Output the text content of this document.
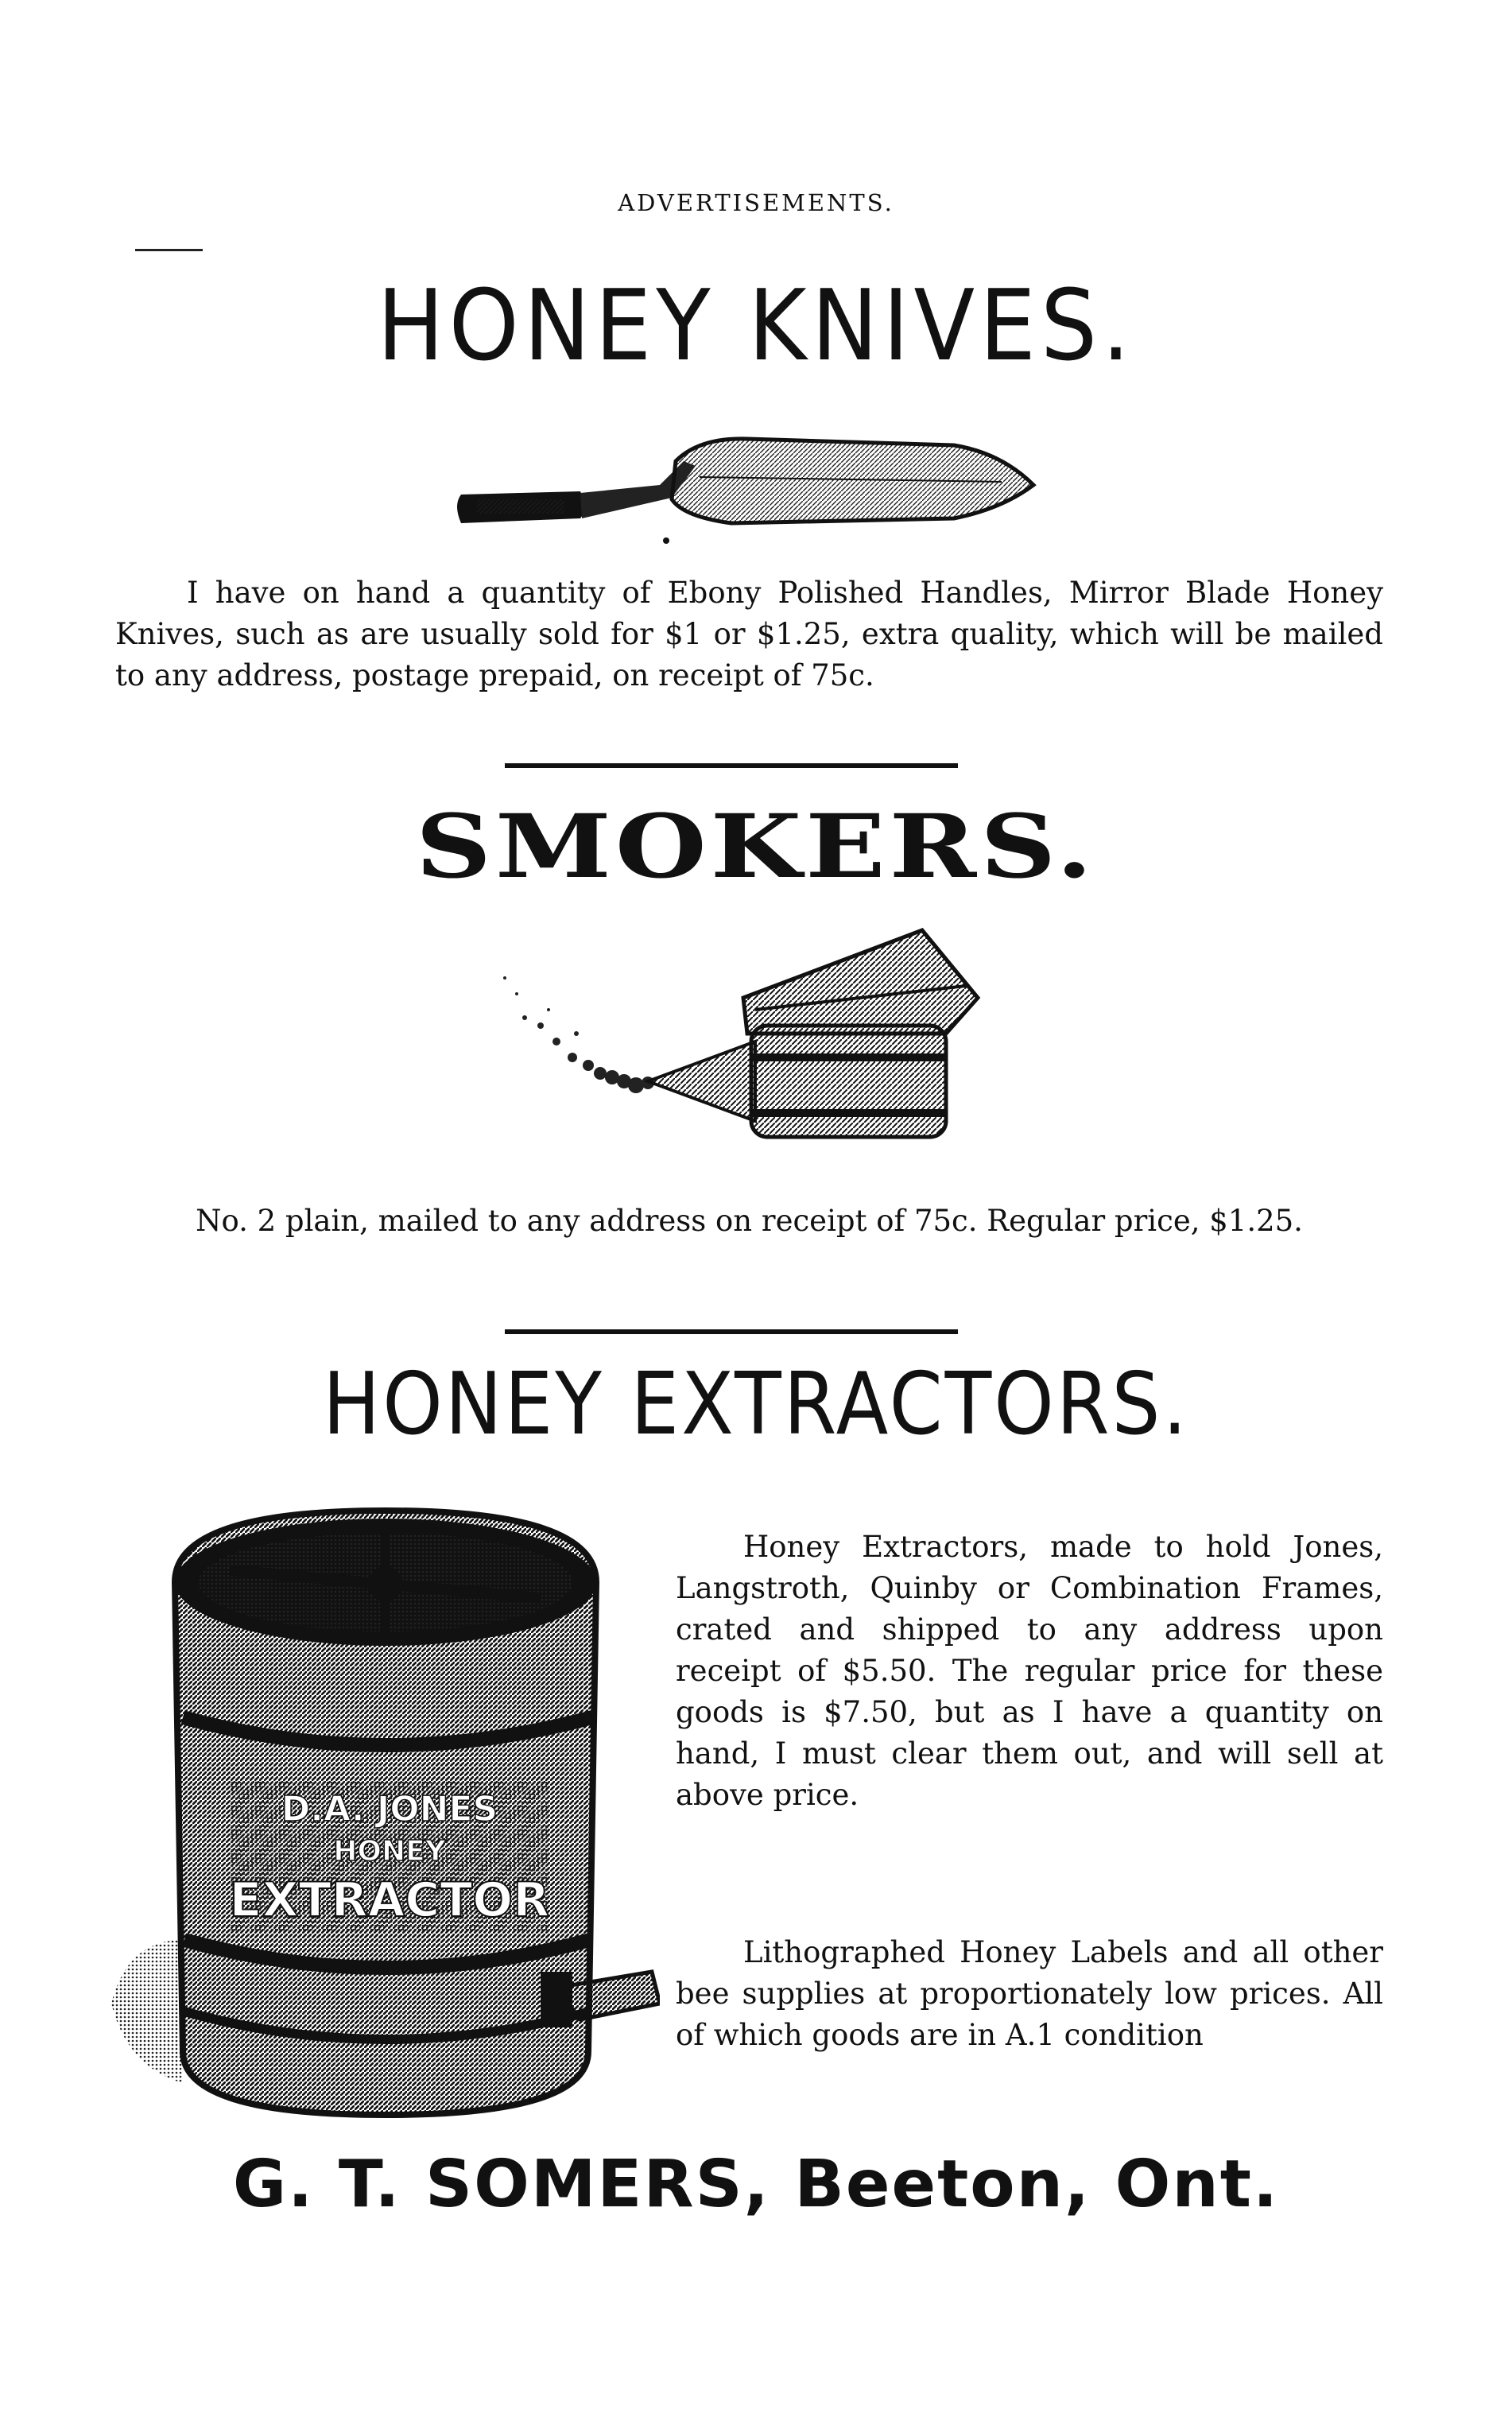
ADVERTISEMENTS.
HONEY KNIVES.
I have on hand a quantity of Ebony Polished Handles, Mirror Blade Honey Knives, such as are usually sold for $1 or $1.25, extra quality, which will be mailed to any address, postage prepaid, on receipt of 75c.
SMOKERS.
No. 2 plain, mailed to any address on receipt of 75c. Regular price, $1.25.
HONEY EXTRACTORS.
D.A. JONES
HONEY
EXTRACTOR
Honey Extractors, made to hold Jones, Langstroth, Quinby or Combination Frames, crated and shipped to any address upon receipt of $5.50. The regular price for these goods is $7.50, but as I have a quantity on hand, I must clear them out, and will sell at above price.
Lithographed Honey Labels and all other bee supplies at proportionately low prices. All of which goods are in A.1 condition
G. T. SOMERS, Beeton, Ont.
